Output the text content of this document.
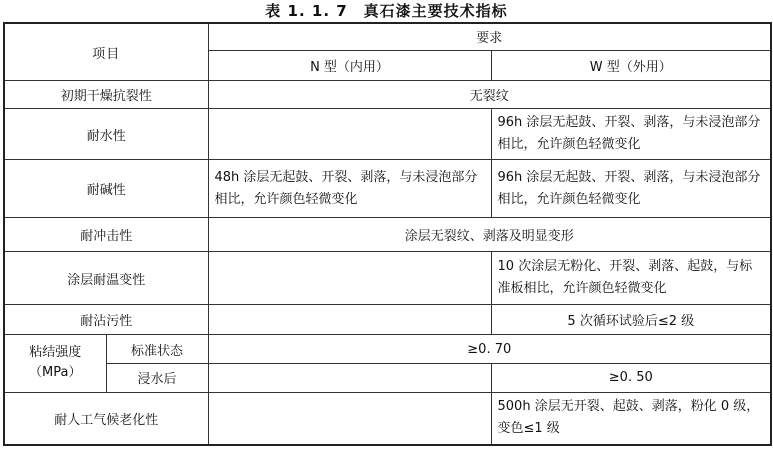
表 1. 1. 7　真石漆主要技术指标
项目		要求	
		N 型（内用）	W 型（外用）
初期干燥抗裂性		无裂纹	
耐水性			96h 涂层无起鼓、开裂、剥落，与未浸泡部分相比，允许颜色轻微变化
耐碱性		48h 涂层无起鼓、开裂、剥落，与未浸泡部分相比，允许颜色轻微变化	96h 涂层无起鼓、开裂、剥落，与未浸泡部分相比，允许颜色轻微变化
耐冲击性		涂层无裂纹、剥落及明显变形	
涂层耐温变性			10 次涂层无粉化、开裂、剥落、起鼓，与标准板相比，允许颜色轻微变化
耐沾污性			5 次循环试验后≤2 级

粘结强度
（MPa）	标准状态	≥0. 70	
	浸水后		≥0. 50
耐人工气候老化性			500h 涂层无开裂、起鼓、剥落，粉化 0 级，变色≤1 级
